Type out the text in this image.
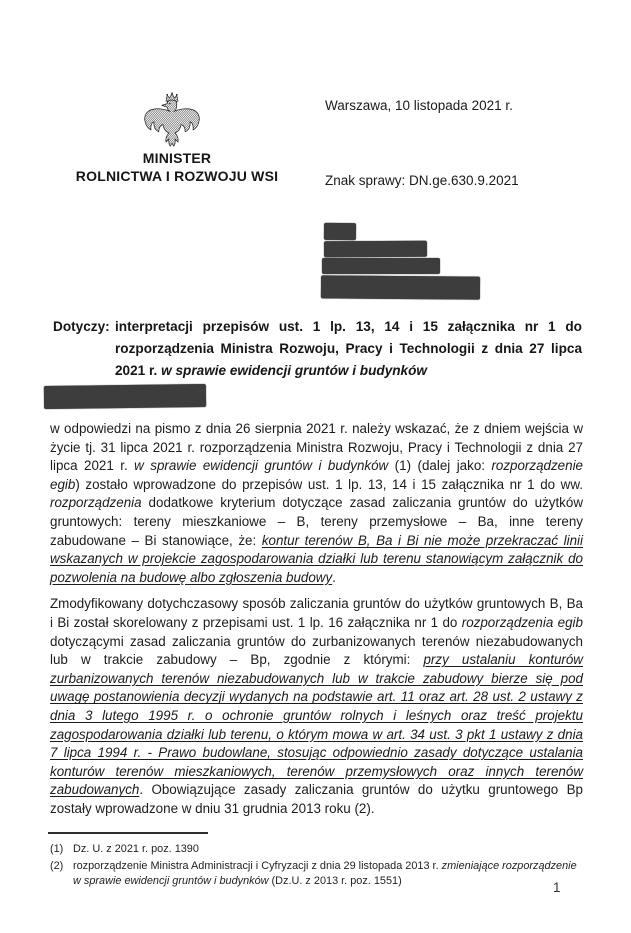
MINISTER
ROLNICTWA I ROZWOJU WSI
Warszawa, 10 listopada 2021 r.
Znak sprawy: DN.ge.630.9.2021
Dotyczy: interpretacji przepisów ust. 1 lp. 13, 14 i 15 załącznika nr 1 do rozporządzenia Ministra Rozwoju, Pracy i Technologii z dnia 27 lipca 2021 r. w sprawie ewidencji gruntów i budynków

w odpowiedzi na pismo z dnia 26 sierpnia 2021 r. należy wskazać, że z dniem wejścia w życie tj. 31 lipca 2021 r. rozporządzenia Ministra Rozwoju, Pracy i Technologii z dnia 27 lipca 2021 r. w sprawie ewidencji gruntów i budynków (1) (dalej jako: rozporządzenie egib) zostało wprowadzone do przepisów ust. 1 lp. 13, 14 i 15 załącznika nr 1 do ww. rozporządzenia dodatkowe kryterium dotyczące zasad zaliczania gruntów do użytków gruntowych: tereny mieszkaniowe – B, tereny przemysłowe – Ba, inne tereny zabudowane – Bi stanowiące, że: kontur terenów B, Ba i Bi nie może przekraczać linii wskazanych w projekcie zagospodarowania działki lub terenu stanowiącym załącznik do pozwolenia na budowę albo zgłoszenia budowy.

Zmodyfikowany dotychczasowy sposób zaliczania gruntów do użytków gruntowych B, Ba i Bi został skorelowany z przepisami ust. 1 lp. 16 załącznika nr 1 do rozporządzenia egib dotyczącymi zasad zaliczania gruntów do zurbanizowanych terenów niezabudowanych lub w trakcie zabudowy – Bp, zgodnie z którymi: przy ustalaniu konturów zurbanizowanych terenów niezabudowanych lub w trakcie zabudowy bierze się pod uwagę postanowienia decyzji wydanych na podstawie art. 11 oraz art. 28 ust. 2 ustawy z dnia 3 lutego 1995 r. o ochronie gruntów rolnych i leśnych oraz treść projektu zagospodarowania działki lub terenu, o którym mowa w art. 34 ust. 3 pkt 1 ustawy z dnia 7 lipca 1994 r. - Prawo budowlane, stosując odpowiednio zasady dotyczące ustalania konturów terenów mieszkaniowych, terenów przemysłowych oraz innych terenów zabudowanych. Obowiązujące zasady zaliczania gruntów do użytku gruntowego Bp zostały wprowadzone w dniu 31 grudnia 2013 roku (2).

(1) Dz. U. z 2021 r. poz. 1390
(2) rozporządzenie Ministra Administracji i Cyfryzacji z dnia 29 listopada 2013 r. zmieniające rozporządzenie w sprawie ewidencji gruntów i budynków (Dz.U. z 2013 r. poz. 1551)	1
